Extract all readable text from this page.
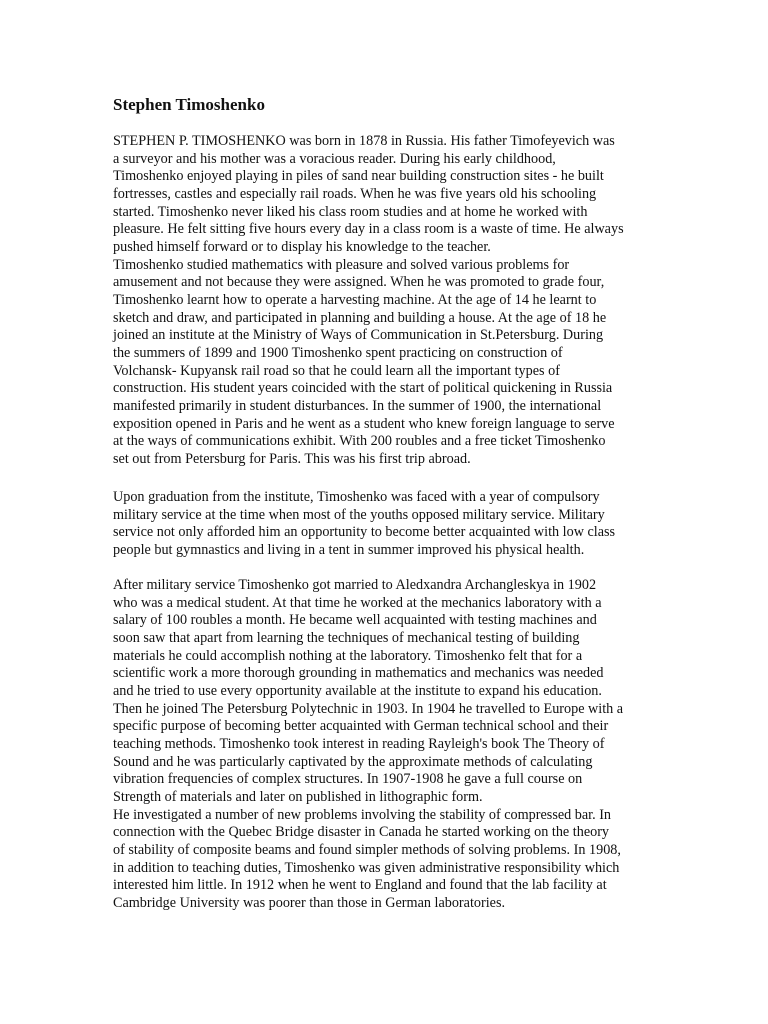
Stephen Timoshenko
STEPHEN P. TIMOSHENKO was born in 1878 in Russia. His father Timofeyevich was
a surveyor and his mother was a voracious reader. During his early childhood,
Timoshenko enjoyed playing in piles of sand near building construction sites - he built
fortresses, castles and especially rail roads. When he was five years old his schooling
started. Timoshenko never liked his class room studies and at home he worked with
pleasure. He felt sitting five hours every day in a class room is a waste of time. He always
pushed himself forward or to display his knowledge to the teacher.
Timoshenko studied mathematics with pleasure and solved various problems for
amusement and not because they were assigned. When he was promoted to grade four,
Timoshenko learnt how to operate a harvesting machine. At the age of 14 he learnt to
sketch and draw, and participated in planning and building a house. At the age of 18 he
joined an institute at the Ministry of Ways of Communication in St.Petersburg. During
the summers of 1899 and 1900 Timoshenko spent practicing on construction of
Volchansk- Kupyansk rail road so that he could learn all the important types of
construction. His student years coincided with the start of political quickening in Russia
manifested primarily in student disturbances. In the summer of 1900, the international
exposition opened in Paris and he went as a student who knew foreign language to serve
at the ways of communications exhibit. With 200 roubles and a free ticket Timoshenko
set out from Petersburg for Paris. This was his first trip abroad.
Upon graduation from the institute, Timoshenko was faced with a year of compulsory
military service at the time when most of the youths opposed military service. Military
service not only afforded him an opportunity to become better acquainted with low class
people but gymnastics and living in a tent in summer improved his physical health.
After military service Timoshenko got married to Aledxandra Archangleskya in 1902
who was a medical student. At that time he worked at the mechanics laboratory with a
salary of 100 roubles a month. He became well acquainted with testing machines and
soon saw that apart from learning the techniques of mechanical testing of building
materials he could accomplish nothing at the laboratory. Timoshenko felt that for a
scientific work a more thorough grounding in mathematics and mechanics was needed
and he tried to use every opportunity available at the institute to expand his education.
Then he joined The Petersburg Polytechnic in 1903. In 1904 he travelled to Europe with a
specific purpose of becoming better acquainted with German technical school and their
teaching methods. Timoshenko took interest in reading Rayleigh's book The Theory of
Sound and he was particularly captivated by the approximate methods of calculating
vibration frequencies of complex structures. In 1907-1908 he gave a full course on
Strength of materials and later on published in lithographic form.
He investigated a number of new problems involving the stability of compressed bar. In
connection with the Quebec Bridge disaster in Canada he started working on the theory
of stability of composite beams and found simpler methods of solving problems. In 1908,
in addition to teaching duties, Timoshenko was given administrative responsibility which
interested him little. In 1912 when he went to England and found that the lab facility at
Cambridge University was poorer than those in German laboratories.
